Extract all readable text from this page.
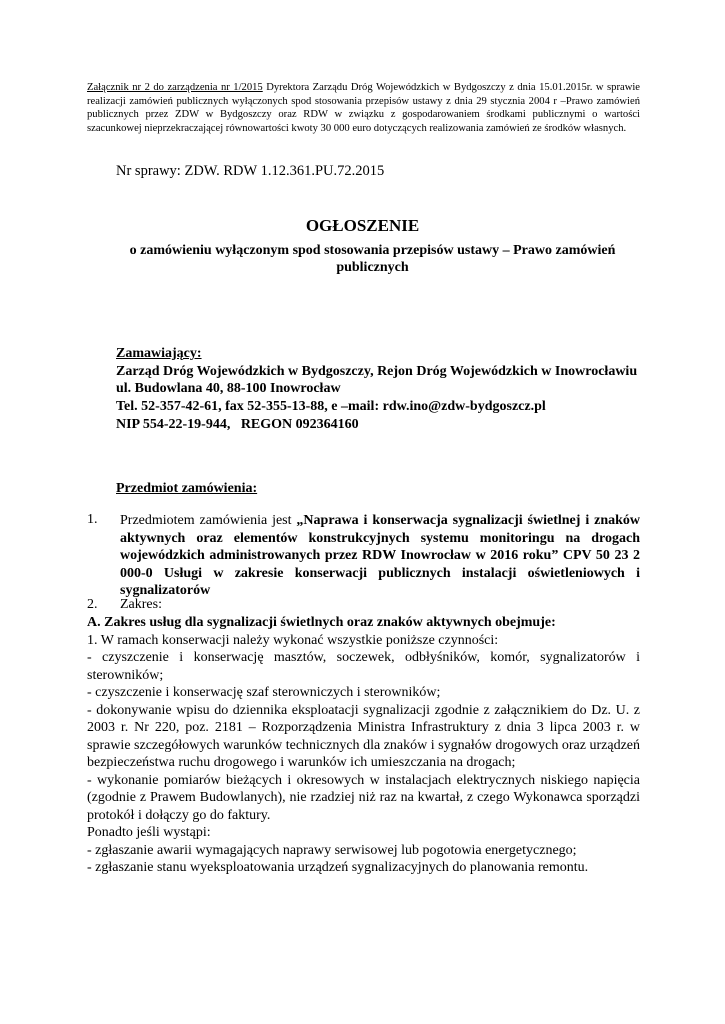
Załącznik nr 2 do zarządzenia nr 1/2015 Dyrektora Zarządu Dróg Wojewódzkich w Bydgoszczy z dnia 15.01.2015r. w sprawie realizacji zamówień publicznych wyłączonych spod stosowania przepisów ustawy z dnia 29 stycznia 2004 r –Prawo zamówień publicznych przez ZDW w Bydgoszczy oraz RDW w związku z gospodarowaniem środkami publicznymi o wartości szacunkowej nieprzekraczającej równowartości kwoty 30 000 euro dotyczących realizowania zamówień ze środków własnych.
Nr sprawy: ZDW. RDW 1.12.361.PU.72.2015
OGŁOSZENIE
o zamówieniu wyłączonym spod stosowania przepisów ustawy – Prawo zamówień publicznych
Zamawiający:
Zarząd Dróg Wojewódzkich w Bydgoszczy, Rejon Dróg Wojewódzkich w Inowrocławiu
ul. Budowlana 40, 88-100 Inowrocław
Tel. 52-357-42-61, fax 52-355-13-88, e –mail: rdw.ino@zdw-bydgoszcz.pl
NIP 554-22-19-944,   REGON 092364160
Przedmiot zamówienia:
1. Przedmiotem zamówienia jest „Naprawa i konserwacja sygnalizacji świetlnej i znaków aktywnych oraz elementów konstrukcyjnych systemu monitoringu na drogach wojewódzkich administrowanych przez RDW Inowrocław w 2016 roku” CPV 50 23 2 000-0 Usługi w zakresie konserwacji publicznych instalacji oświetleniowych i sygnalizatorów
2. Zakres:

A. Zakres usług dla sygnalizacji świetlnych oraz znaków aktywnych obejmuje:

1. W ramach konserwacji należy wykonać wszystkie poniższe czynności:

- czyszczenie i konserwację masztów, soczewek, odbłyśników, komór, sygnalizatorów i sterowników;

- czyszczenie i konserwację szaf sterowniczych i sterowników;

- dokonywanie wpisu do dziennika eksploatacji sygnalizacji zgodnie z załącznikiem do Dz. U. z 2003 r. Nr 220, poz. 2181 – Rozporządzenia Ministra Infrastruktury z dnia 3 lipca 2003 r. w sprawie szczegółowych warunków technicznych dla znaków i sygnałów drogowych oraz urządzeń bezpieczeństwa ruchu drogowego i warunków ich umieszczania na drogach;

- wykonanie pomiarów bieżących i okresowych w instalacjach elektrycznych niskiego napięcia (zgodnie z Prawem Budowlanych), nie rzadziej niż raz na kwartał, z czego Wykonawca sporządzi protokół i dołączy go do faktury.

Ponadto jeśli wystąpi:

- zgłaszanie awarii wymagających naprawy serwisowej lub pogotowia energetycznego;

- zgłaszanie stanu wyeksploatowania urządzeń sygnalizacyjnych do planowania remontu.
